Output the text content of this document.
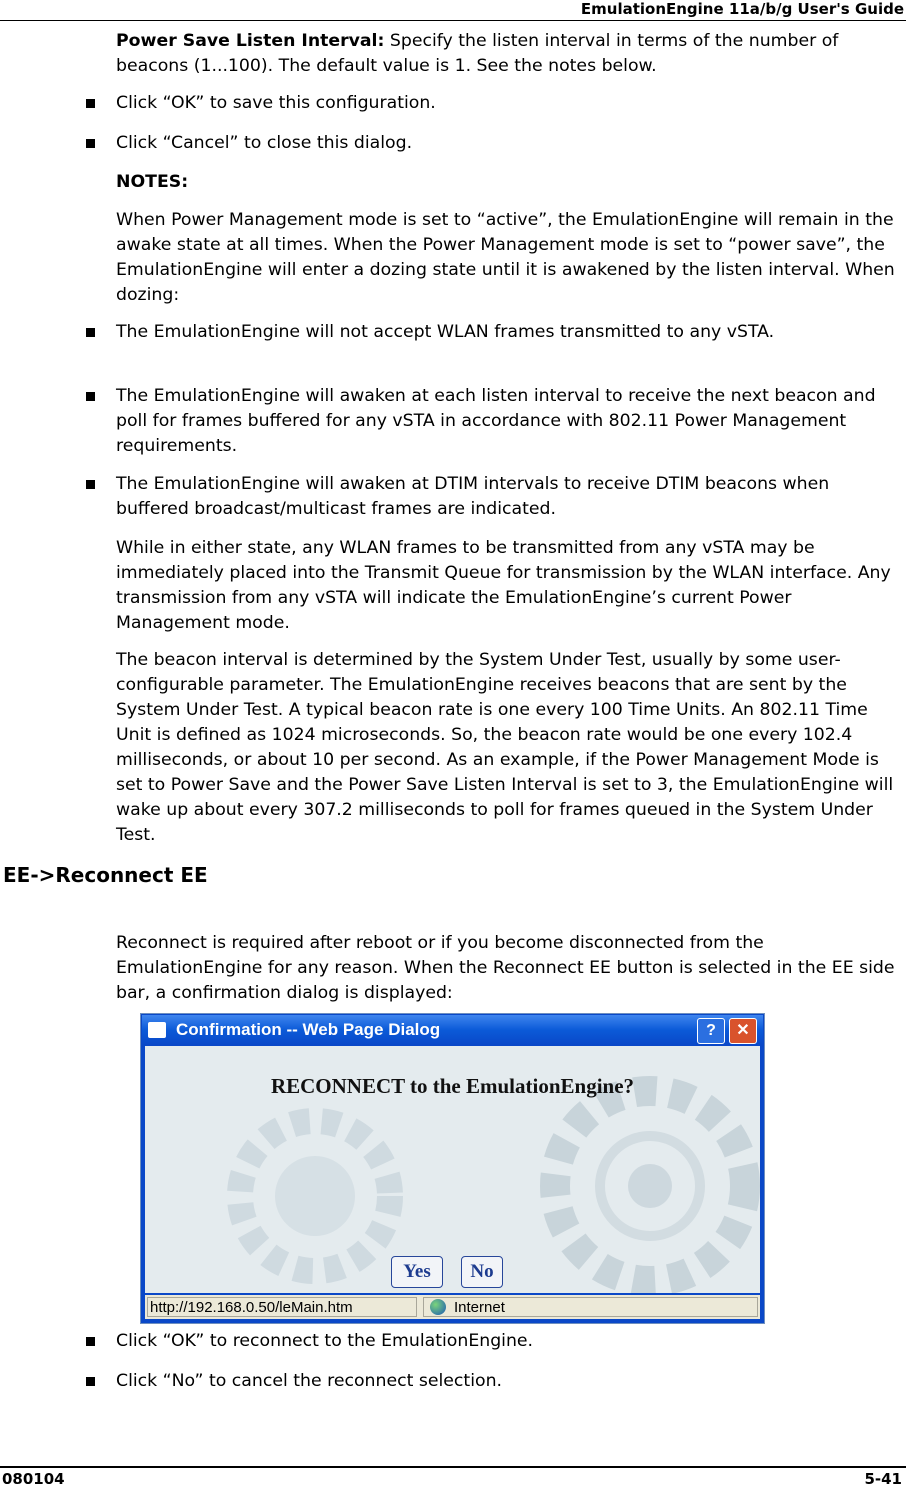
EmulationEngine 11a/b/g User's Guide

Power Save Listen Interval: Specify the listen interval in terms of the number of beacons (1...100). The default value is 1. See the notes below.

Click “OK” to save this configuration.
Click “Cancel” to close this dialog.
NOTES:

When Power Management mode is set to “active”, the EmulationEngine will remain in the awake state at all times. When the Power Management mode is set to “power save”, the EmulationEngine will enter a dozing state until it is awakened by the listen interval. When dozing:

The EmulationEngine will not accept WLAN frames transmitted to any vSTA.
The EmulationEngine will awaken at each listen interval to receive the next beacon and poll for frames buffered for any vSTA in accordance with 802.11 Power Management requirements.
The EmulationEngine will awaken at DTIM intervals to receive DTIM beacons when buffered broadcast/multicast frames are indicated.

While in either state, any WLAN frames to be transmitted from any vSTA may be immediately placed into the Transmit Queue for transmission by the WLAN interface. Any transmission from any vSTA will indicate the EmulationEngine’s current Power Management mode.

The beacon interval is determined by the System Under Test, usually by some user-configurable parameter. The EmulationEngine receives beacons that are sent by the System Under Test. A typical beacon rate is one every 100 Time Units. An 802.11 Time Unit is defined as 1024 microseconds. So, the beacon rate would be one every 102.4 milliseconds, or about 10 per second. As an example, if the Power Management Mode is set to Power Save and the Power Save Listen Interval is set to 3, the EmulationEngine will wake up about every 307.2 milliseconds to poll for frames queued in the System Under Test.

EE->Reconnect EE

Reconnect is required after reboot or if you become disconnected from the EmulationEngine for any reason. When the Reconnect EE button is selected in the EE side bar, a confirmation dialog is displayed:

Confirmation -- Web Page Dialog	?	✕
RECONNECT to the EmulationEngine?
Yes	No
http://192.168.0.50/leMain.htm	Internet
Click “OK” to reconnect to the EmulationEngine.
Click “No” to cancel the reconnect selection.
080104	5-41
